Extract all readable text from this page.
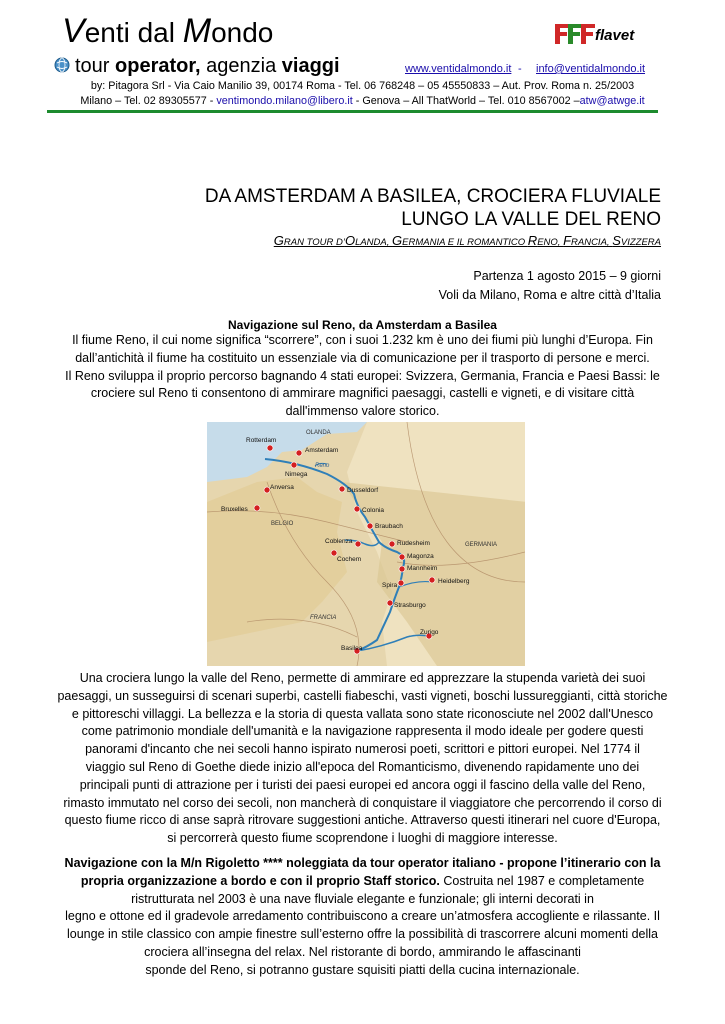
Venti dal Mondo	flavet
tour operator, agenzia viaggi	www.ventidalmondo.it - info@ventidalmondo.it
by: Pitagora Srl - Via Caio Manilio 39, 00174 Roma - Tel. 06 768248 – 05 45550833 – Aut. Prov. Roma n. 25/2003
Milano – Tel. 02 89305577 - ventimondo.milano@libero.it - Genova – All ThatWorld – Tel. 010 8567002 –atw@atwge.it
DA AMSTERDAM A BASILEA, CROCIERA FLUVIALE
LUNGO LA VALLE DEL RENO
GRAN TOUR D’OLANDA, GERMANIA E IL ROMANTICO RENO, FRANCIA, SVIZZERA
Partenza 1 agosto 2015 – 9 giorni
Voli da Milano, Roma e altre città d’Italia
Navigazione sul Reno, da Amsterdam a Basilea
Il fiume Reno, il cui nome significa “scorrere”, con i suoi 1.232 km è uno dei fiumi più lunghi d’Europa. Fin
dall’antichità il fiume ha costituito un essenziale via di comunicazione per il trasporto di persone e merci.
Il Reno sviluppa il proprio percorso bagnando 4 stati europei: Svizzera, Germania, Francia e Paesi Bassi: le
crociere sul Reno ti consentono di ammirare magnifici paesaggi, castelli e vigneti, e di visitare città
dall'immenso valore storico.
OLANDA
BELGIO
GERMANIA
FRANCIA
Reno
Rotterdam
Amsterdam
Nimega
Anversa
Bruxelles
Dusseldorf
Colonia
Braubach
Rudesheim
Coblenza
Cochem	Magonza
Mannheim
Heidelberg
Spira
Strasburgo
Zurigo
Basilea
Una crociera lungo la valle del Reno, permette di ammirare ed apprezzare la stupenda varietà dei suoi
paesaggi, un susseguirsi di scenari superbi, castelli fiabeschi, vasti vigneti, boschi lussureggianti, città storiche
e pittoreschi villaggi. La bellezza e la storia di questa vallata sono state riconosciute nel 2002 dall'Unesco
come patrimonio mondiale dell'umanità e la navigazione rappresenta il modo ideale per godere questi
panorami d'incanto che nei secoli hanno ispirato numerosi poeti, scrittori e pittori europei. Nel 1774 il
viaggio sul Reno di Goethe diede inizio all'epoca del Romanticismo, divenendo rapidamente uno dei
principali punti di attrazione per i turisti dei paesi europei ed ancora oggi il fascino della valle del Reno,
rimasto immutato nel corso dei secoli, non mancherà di conquistare il viaggiatore che percorrendo il corso di
questo fiume ricco di anse saprà ritrovare suggestioni antiche. Attraverso questi itinerari nel cuore d'Europa,
si percorrerà questo fiume scoprendone i luoghi di maggiore interesse.
Navigazione con la M/n Rigoletto **** noleggiata da tour operator italiano - propone l’itinerario con la
propria organizzazione a bordo e con il proprio Staff storico. Costruita nel 1987 e completamente
ristrutturata nel 2003 è una nave fluviale elegante e funzionale; gli interni decorati in
legno e ottone ed il gradevole arredamento contribuiscono a creare un’atmosfera accogliente e rilassante. Il
lounge in stile classico con ampie finestre sull’esterno offre la possibilità di trascorrere alcuni momenti della
crociera all’insegna del relax. Nel ristorante di bordo, ammirando le affascinanti
sponde del Reno, si potranno gustare squisiti piatti della cucina internazionale.
